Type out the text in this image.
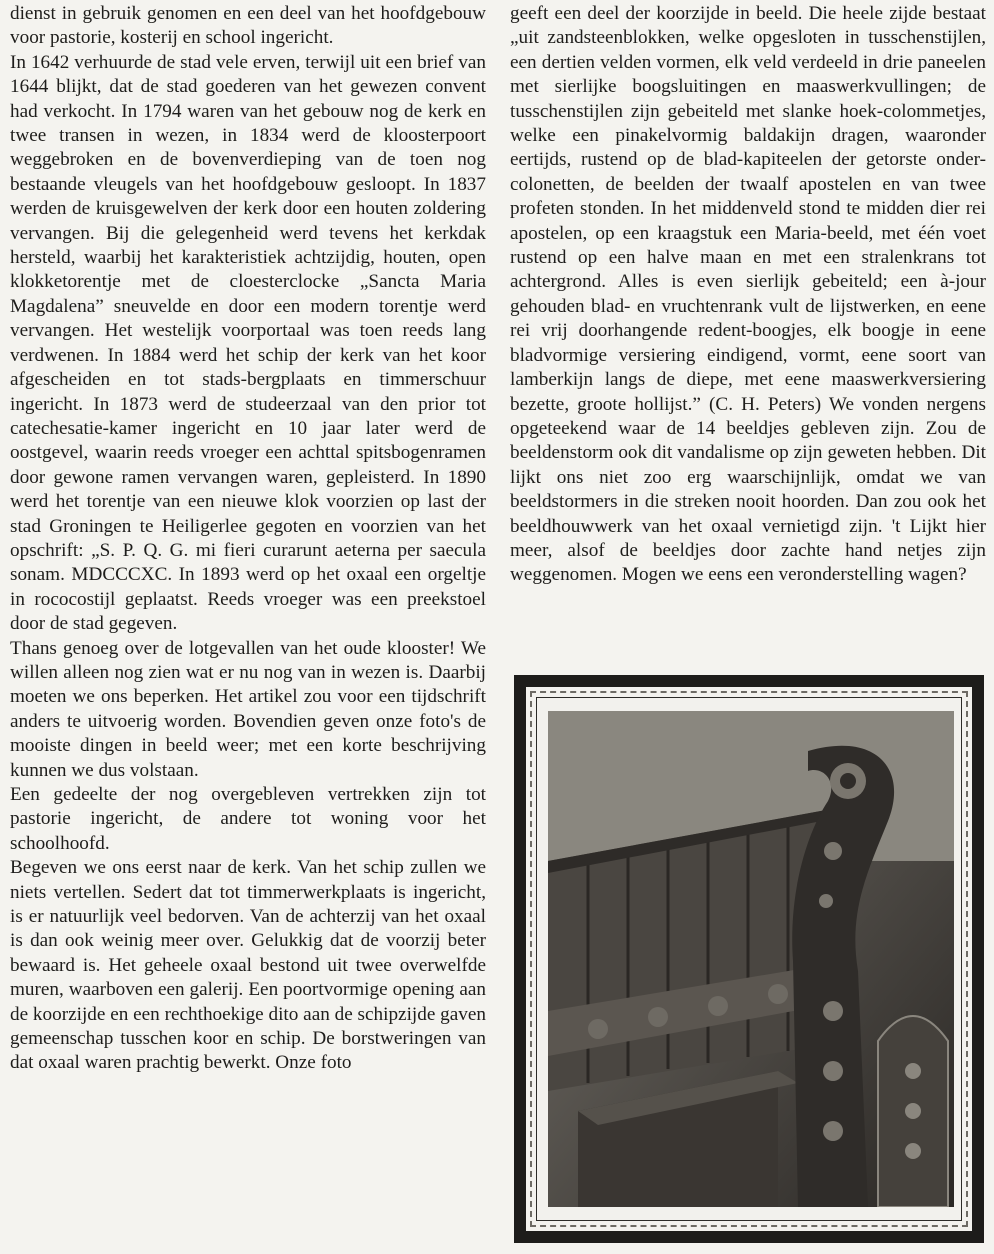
dienst in gebruik genomen en een deel van het hoofdgebouw voor pastorie, kosterij en school ingericht.

In 1642 verhuurde de stad vele erven, terwijl uit een brief van 1644 blijkt, dat de stad goederen van het gewezen convent had verkocht. In 1794 waren van het gebouw nog de kerk en twee transen in wezen, in 1834 werd de kloosterpoort weggebroken en de bovenverdieping van de toen nog bestaande vleugels van het hoofdgebouw gesloopt. In 1837 werden de kruisgewelven der kerk door een houten zoldering vervangen. Bij die gelegenheid werd tevens het kerkdak hersteld, waarbij het karakteristiek achtzijdig, houten, open klokketorentje met de cloesterclocke „Sancta Maria Magdalena” sneuvelde en door een modern torentje werd vervangen. Het westelijk voorportaal was toen reeds lang verdwenen. In 1884 werd het schip der kerk van het koor afgescheiden en tot stads-bergplaats en timmerschuur ingericht. In 1873 werd de studeerzaal van den prior tot catechesatie-kamer ingericht en 10 jaar later werd de oostgevel, waarin reeds vroeger een achttal spitsbogenramen door gewone ramen vervangen waren, gepleisterd. In 1890 werd het torentje van een nieuwe klok voorzien op last der stad Groningen te Heiligerlee gegoten en voorzien van het opschrift: „S. P. Q. G. mi fieri curarunt aeterna per saecula sonam. MDCCCXC. In 1893 werd op het oxaal een orgeltje in rococostijl geplaatst. Reeds vroeger was een preekstoel door de stad gegeven.

Thans genoeg over de lotgevallen van het oude klooster! We willen alleen nog zien wat er nu nog van in wezen is. Daarbij moeten we ons beperken. Het artikel zou voor een tijdschrift anders te uitvoerig worden. Bovendien geven onze foto's de mooiste dingen in beeld weer; met een korte beschrijving kunnen we dus volstaan.

Een gedeelte der nog overgebleven vertrekken zijn tot pastorie ingericht, de andere tot woning voor het schoolhoofd.

Begeven we ons eerst naar de kerk. Van het schip zullen we niets vertellen. Sedert dat tot timmerwerkplaats is ingericht, is er natuurlijk veel bedorven. Van de achterzij van het oxaal is dan ook weinig meer over. Gelukkig dat de voorzij beter bewaard is. Het geheele oxaal bestond uit twee overwelfde muren, waarboven een galerij. Een poortvormige opening aan de koorzijde en een rechthoekige dito aan de schipzijde gaven gemeenschap tusschen koor en schip. De borstweringen van dat oxaal waren prachtig bewerkt. Onze foto

geeft een deel der koorzijde in beeld. Die heele zijde bestaat „uit zandsteenblokken, welke opgesloten in tusschenstijlen, een dertien velden vormen, elk veld verdeeld in drie paneelen met sierlijke boogsluitingen en maaswerkvullingen; de tusschenstijlen zijn gebeiteld met slanke hoek-colommetjes, welke een pinakelvormig baldakijn dragen, waaronder eertijds, rustend op de blad-kapiteelen der getorste onder-colonetten, de beelden der twaalf apostelen en van twee profeten stonden. In het middenveld stond te midden dier rei apostelen, op een kraagstuk een Maria-beeld, met één voet rustend op een halve maan en met een stralenkrans tot achtergrond. Alles is even sierlijk gebeiteld; een à-jour gehouden blad- en vruchtenrank vult de lijstwerken, en eene rei vrij doorhangende redent-boogjes, elk boogje in eene bladvormige versiering eindigend, vormt, eene soort van lamberkijn langs de diepe, met eene maaswerkversiering bezette, groote hollijst.” (C. H. Peters) We vonden nergens opgeteekend waar de 14 beeldjes gebleven zijn. Zou de beeldenstorm ook dit vandalisme op zijn geweten hebben. Dit lijkt ons niet zoo erg waarschijnlijk, omdat we van beeldstormers in die streken nooit hoorden. Dan zou ook het beeldhouwwerk van het oxaal vernietigd zijn. 't Lijkt hier meer, alsof de beeldjes door zachte hand netjes zijn weggenomen. Mogen we eens een veronderstelling wagen?
